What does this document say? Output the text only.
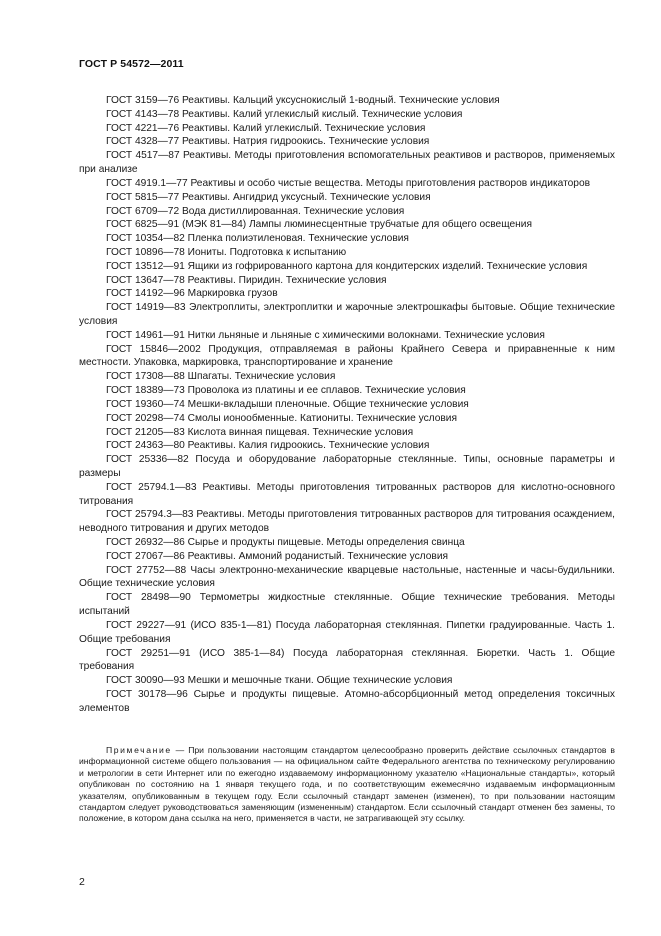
ГОСТ Р 54572—2011

ГОСТ 3159—76 Реактивы. Кальций уксуснокислый 1-водный. Технические условия

ГОСТ 4143—78 Реактивы. Калий углекислый кислый. Технические условия

ГОСТ 4221—76 Реактивы. Калий углекислый. Технические условия

ГОСТ 4328—77 Реактивы. Натрия гидроокись. Технические условия

ГОСТ 4517—87 Реактивы. Методы приготовления вспомогательных реактивов и растворов, применяемых при анализе

ГОСТ 4919.1—77 Реактивы и особо чистые вещества. Методы приготовления растворов индикаторов

ГОСТ 5815—77 Реактивы. Ангидрид уксусный. Технические условия

ГОСТ 6709—72 Вода дистиллированная. Технические условия

ГОСТ 6825—91 (МЭК 81—84) Лампы люминесцентные трубчатые для общего освещения

ГОСТ 10354—82 Пленка полиэтиленовая. Технические условия

ГОСТ 10896—78 Иониты. Подготовка к испытанию

ГОСТ 13512—91 Ящики из гофрированного картона для кондитерских изделий. Технические условия

ГОСТ 13647—78 Реактивы. Пиридин. Технические условия

ГОСТ 14192—96 Маркировка грузов

ГОСТ 14919—83 Электроплиты, электроплитки и жарочные электрошкафы бытовые. Общие технические условия

ГОСТ 14961—91 Нитки льняные и льняные с химическими волокнами. Технические условия

ГОСТ 15846—2002 Продукция, отправляемая в районы Крайнего Севера и приравненные к ним местности. Упаковка, маркировка, транспортирование и хранение

ГОСТ 17308—88 Шпагаты. Технические условия

ГОСТ 18389—73 Проволока из платины и ее сплавов. Технические условия

ГОСТ 19360—74 Мешки-вкладыши пленочные. Общие технические условия

ГОСТ 20298—74 Смолы ионообменные. Катиониты. Технические условия

ГОСТ 21205—83 Кислота винная пищевая. Технические условия

ГОСТ 24363—80 Реактивы. Калия гидроокись. Технические условия

ГОСТ 25336—82 Посуда и оборудование лабораторные стеклянные. Типы, основные параметры и размеры

ГОСТ 25794.1—83 Реактивы. Методы приготовления титрованных растворов для кислотно-основного титрования

ГОСТ 25794.3—83 Реактивы. Методы приготовления титрованных растворов для титрования осаждением, неводного титрования и других методов

ГОСТ 26932—86 Сырье и продукты пищевые. Методы определения свинца

ГОСТ 27067—86 Реактивы. Аммоний роданистый. Технические условия

ГОСТ 27752—88 Часы электронно-механические кварцевые настольные, настенные и часы-будильники. Общие технические условия

ГОСТ 28498—90 Термометры жидкостные стеклянные. Общие технические требования. Методы испытаний

ГОСТ 29227—91 (ИСО 835-1—81) Посуда лабораторная стеклянная. Пипетки градуированные. Часть 1. Общие требования

ГОСТ 29251—91 (ИСО 385-1—84) Посуда лабораторная стеклянная. Бюретки. Часть 1. Общие требования

ГОСТ 30090—93 Мешки и мешочные ткани. Общие технические условия

ГОСТ 30178—96 Сырье и продукты пищевые. Атомно-абсорбционный метод определения токсичных элементов

Примечание — При пользовании настоящим стандартом целесообразно проверить действие ссылочных стандартов в информационной системе общего пользования — на официальном сайте Федерального агентства по техническому регулированию и метрологии в сети Интернет или по ежегодно издаваемому информационному указателю «Национальные стандарты», который опубликован по состоянию на 1 января текущего года, и по соответствующим ежемесячно издаваемым информационным указателям, опубликованным в текущем году. Если ссылочный стандарт заменен (изменен), то при пользовании настоящим стандартом следует руководствоваться заменяющим (измененным) стандартом. Если ссылочный стандарт отменен без замены, то положение, в котором дана ссылка на него, применяется в части, не затрагивающей эту ссылку.

2
